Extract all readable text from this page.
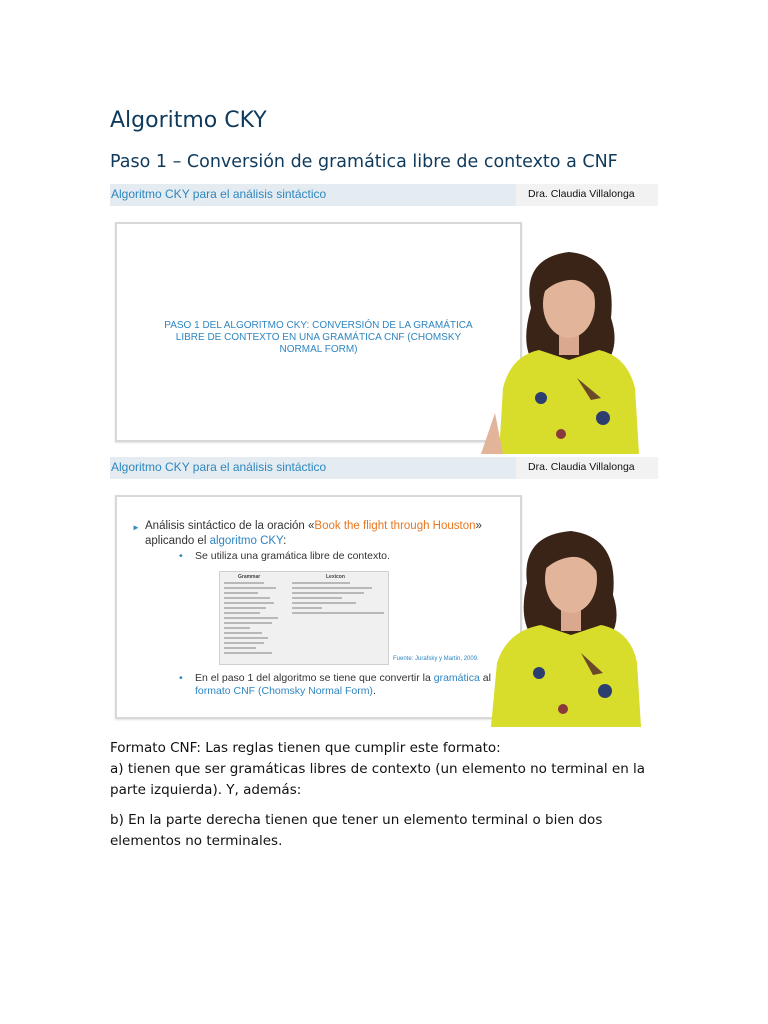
Algoritmo CKY
Paso 1 – Conversión de gramática libre de contexto a CNF
Algoritmo CKY para el análisis sintáctico	Dra. Claudia Villalonga
PASO 1 DEL ALGORITMO CKY: CONVERSIÓN DE LA GRAMÁTICA LIBRE DE CONTEXTO EN UNA GRAMÁTICA CNF (CHOMSKY NORMAL FORM)
Algoritmo CKY para el análisis sintáctico	Dra. Claudia Villalonga
► Análisis sintáctico de la oración «Book the flight through Houston» aplicando el algoritmo CKY:
• Se utiliza una gramática libre de contexto.
Grammar	Lexicon
Fuente: Jurafsky y Martin, 2009.
• En el paso 1 del algoritmo se tiene que convertir la gramática al formato CNF (Chomsky Normal Form).

Formato CNF: Las reglas tienen que cumplir este formato:

a) tienen que ser gramáticas libres de contexto (un elemento no terminal en la parte izquierda). Y, además:

b) En la parte derecha tienen que tener un elemento terminal o bien dos elementos no terminales.
